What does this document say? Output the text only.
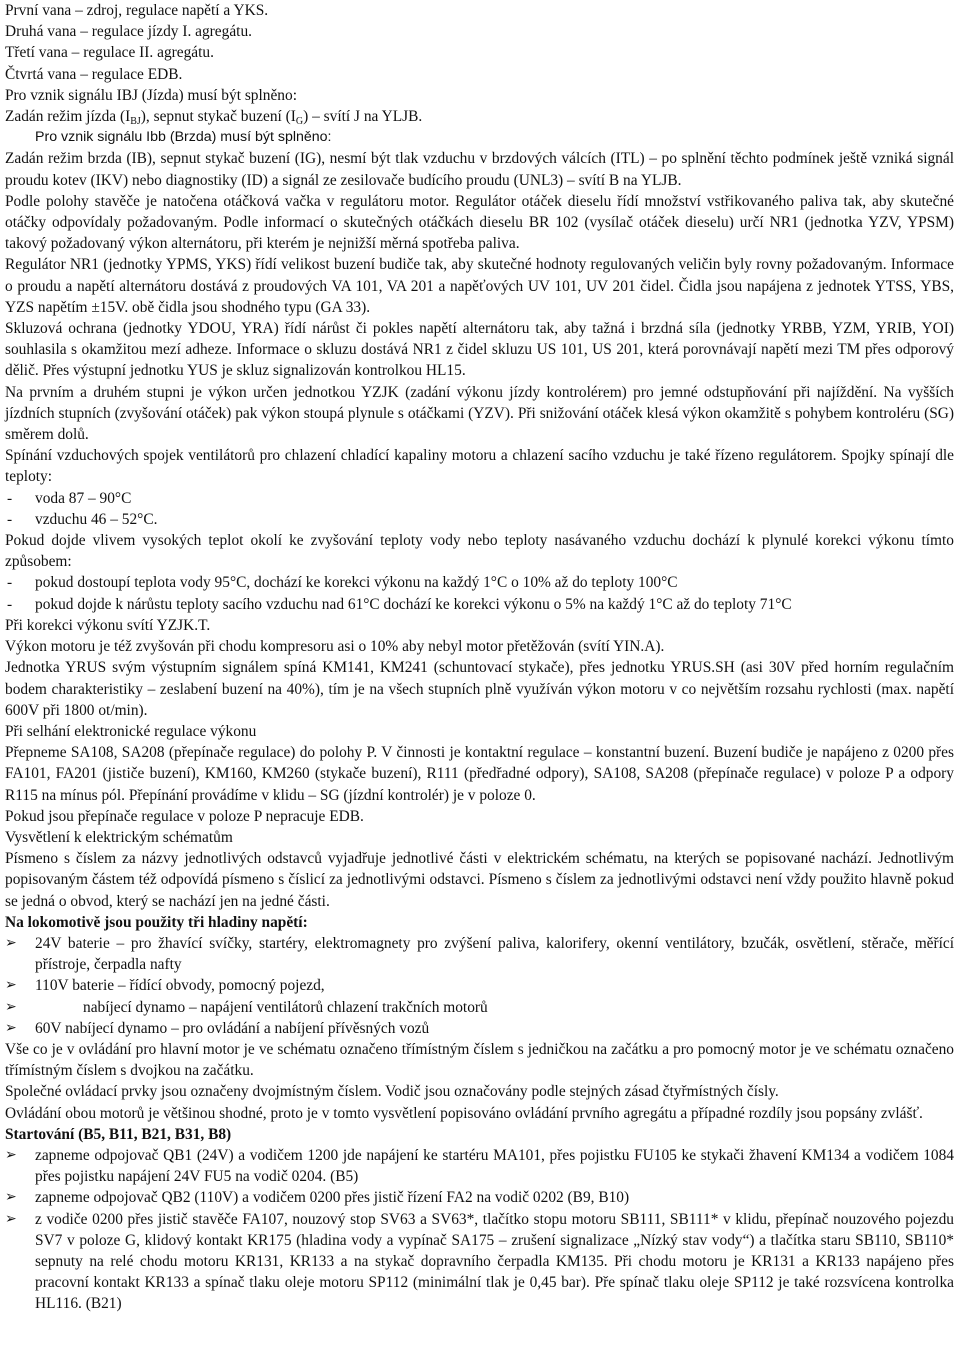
První vana – zdroj, regulace napětí a YKS.

Druhá vana – regulace jízdy I. agregátu.

Třetí vana – regulace II. agregátu.

Čtvrtá vana – regulace EDB.

Pro vznik signálu IBJ (Jízda) musí být splněno:

Zadán režim jízda $(I_{BJ})$, sepnut stykač buzení $(I_G)$ – svítí J na YLJB.

Pro vznik signálu Ibb (Brzda) musí být splněno:

Zadán režim brzda (IB), sepnut stykač buzení (IG), nesmí být tlak vzduchu v brzdových válcích (ITL) – po splnění těchto podmínek ještě vzniká signál proudu kotev (IKV) nebo diagnostiky (ID) a signál ze zesilovače budícího proudu (UNL3) – svítí B na YLJB.

Podle polohy stavěče je natočena otáčková vačka v regulátoru motor. Regulátor otáček dieselu řídí množství vstřikovaného paliva tak, aby skutečné otáčky odpovídaly požadovaným. Podle informací o skutečných otáčkách dieselu BR 102 (vysílač otáček dieselu) určí NR1 (jednotka YZV, YPSM) takový požadovaný výkon alternátoru, při kterém je nejnižší měrná spotřeba paliva.

Regulátor NR1 (jednotky YPMS, YKS) řídí velikost buzení budiče tak, aby skutečné hodnoty regulovaných veličin byly rovny požadovaným. Informace o proudu a napětí alternátoru dostává z proudových VA 101, VA 201 a napěťových UV 101, UV 201 čidel. Čidla jsou napájena z jednotek YTSS, YBS, YZS napětím ±15V. obě čidla jsou shodného typu (GA 33).

Skluzová ochrana (jednotky YDOU, YRA) řídí nárůst či pokles napětí alternátoru tak, aby tažná i brzdná síla (jednotky YRBB, YZM, YRIB, YOI) souhlasila s okamžitou mezí adheze. Informace o skluzu dostává NR1 z čidel skluzu US 101, US 201, která porovnávají napětí mezi TM přes odporový dělič. Přes výstupní jednotku YUS je skluz signalizován kontrolkou HL15.

Na prvním a druhém stupni je výkon určen jednotkou YZJK (zadání výkonu jízdy kontrolérem) pro jemné odstupňování při najíždění. Na vyšších jízdních stupních (zvyšování otáček) pak výkon stoupá plynule s otáčkami (YZV). Při snižování otáček klesá výkon okamžitě s pohybem kontroléru (SG) směrem dolů.

Spínání vzduchových spojek ventilátorů pro chlazení chladící kapaliny motoru a chlazení sacího vzduchu je také řízeno regulátorem. Spojky spínají dle teploty:

- voda 87 – 90°C
- vzduchu 46 – 52°C.

Pokud dojde vlivem vysokých teplot okolí ke zvyšování teploty vody nebo teploty nasávaného vzduchu dochází k plynulé korekci výkonu tímto způsobem:

- pokud dostoupí teplota vody 95°C, dochází ke korekci výkonu na každý 1°C o 10% až do teploty 100°C
- pokud dojde k nárůstu teploty sacího vzduchu nad 61°C dochází ke korekci výkonu o 5% na každý 1°C až do teploty 71°C

Při korekci výkonu svítí YZJK.T.

Výkon motoru je též zvyšován při chodu kompresoru asi o 10% aby nebyl motor přetěžován (svítí YIN.A).

Jednotka YRUS svým výstupním signálem spíná KM141, KM241 (schuntovací stykače), přes jednotku YRUS.SH (asi 30V před horním regulačním bodem charakteristiky – zeslabení buzení na 40%), tím je na všech stupních plně využíván výkon motoru v co největším rozsahu rychlosti (max. napětí 600V při 1800 ot/min).

Při selhání elektronické regulace výkonu

Přepneme SA108, SA208 (přepínače regulace) do polohy P. V činnosti je kontaktní regulace – konstantní buzení. Buzení budiče je napájeno z 0200 přes FA101, FA201 (jističe buzení), KM160, KM260 (stykače buzení), R111 (předřadné odpory), SA108, SA208 (přepínače regulace) v poloze P a odpory R115 na mínus pól. Přepínání provádíme v klidu – SG (jízdní kontrolér) je v poloze 0.

Pokud jsou přepínače regulace v poloze P nepracuje EDB.

Vysvětlení k elektrickým schématům

Písmeno s číslem za názvy jednotlivých odstavců vyjadřuje jednotlivé části v elektrickém schématu, na kterých se popisované nachází. Jednotlivým popisovaným částem též odpovídá písmeno s číslicí za jednotlivými odstavci. Písmeno s číslem za jednotlivými odstavci není vždy použito hlavně pokud se jedná o obvod, který se nachází jen na jedné části.

Na lokomotivě jsou použity tři hladiny napětí:

➢ 24V baterie – pro žhavící svíčky, startéry, elektromagnety pro zvýšení paliva, kalorifery, okenní ventilátory, bzučák, osvětlení, stěrače, měřící přístroje, čerpadla nafty
➢ 110V baterie – řídící obvody, pomocný pojezd,
➢	nabíjecí dynamo – napájení ventilátorů chlazení trakčních motorů
➢ 60V nabíjecí dynamo – pro ovládání a nabíjení přívěsných vozů

Vše co je v ovládání pro hlavní motor je ve schématu označeno třímístným číslem s jedničkou na začátku a pro pomocný motor je ve schématu označeno třímístným číslem s dvojkou na začátku.

Společné ovládací prvky jsou označeny dvojmístným číslem. Vodič jsou označovány podle stejných zásad čtyřmístných čísly.

Ovládání obou motorů je většinou shodné, proto je v tomto vysvětlení popisováno ovládání prvního agregátu a případné rozdíly jsou popsány zvlášť.

Startování (B5, B11, B21, B31, B8)

➢ zapneme odpojovač QB1 (24V) a vodičem 1200 jde napájení ke startéru MA101, přes pojistku FU105 ke stykači žhavení KM134 a vodičem 1084 přes pojistku napájení 24V FU5 na vodič 0204. (B5)
➢ zapneme odpojovač QB2 (110V) a vodičem 0200 přes jistič řízení FA2 na vodič 0202 (B9, B10)
➢ z vodiče 0200 přes jistič stavěče FA107, nouzový stop SV63 a SV63*, tlačítko stopu motoru SB111, SB111* v klidu, přepínač nouzového pojezdu SV7 v poloze G, klidový kontakt KR175 (hladina vody a vypínač SA175 – zrušení signalizace „Nízký stav vody“) a tlačítka staru SB110, SB110* sepnuty na relé chodu motoru KR131, KR133 a na stykač dopravního čerpadla KM135. Při chodu motoru je KR131 a KR133 napájeno přes pracovní kontakt KR133 a spínač tlaku oleje motoru SP112 (minimální tlak je 0,45 bar). Pře spínač tlaku oleje SP112 je také rozsvícena kontrolka HL116. (B21)
